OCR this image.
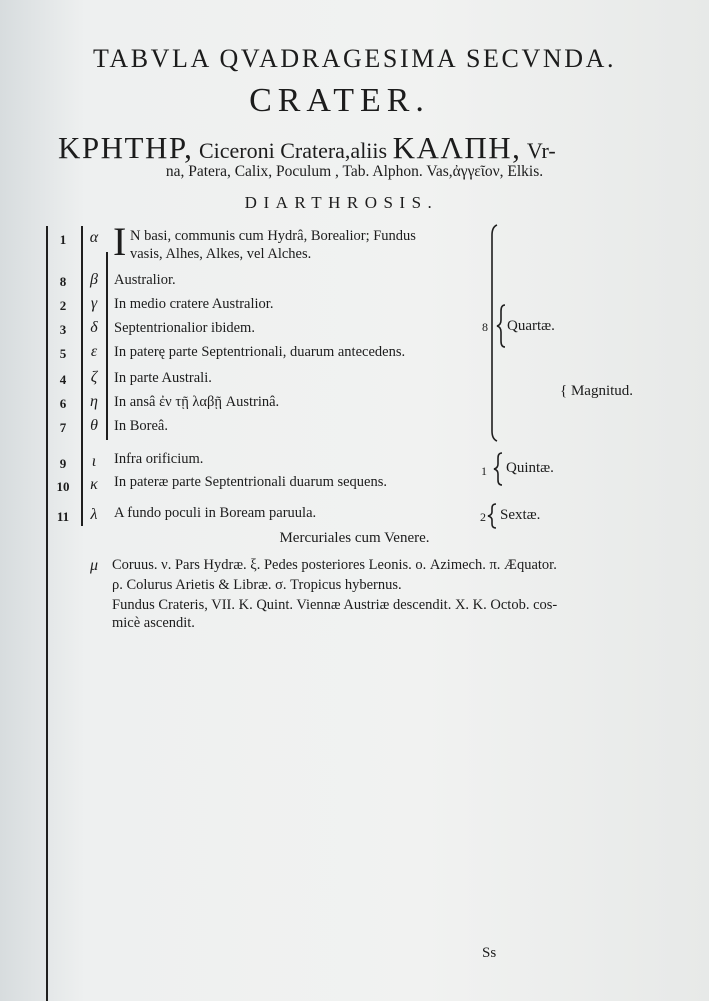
TABVLA QVADRAGESIMA SECVNDA.
CRATER.
ΚΡΗΤΗΡ, Ciceroni Cratera,aliis ΚΑΛΠΗ, Vr-
na, Patera, Calix, Poculum , Tab. Alphon. Vas,ἀγγεῖον, Elkis.
DIARTHROSIS.
1	α I N basi, communis cum Hydrâ, Borealior; Fundus
vasis, Alhes, Alkes, vel Alches.
8	β	Australior.
2	γ	In medio cratere Australior.
3	δ	Septentrionalior ibidem.
5	ε	In paterę parte Septentrionali, duarum antecedens.
4	ζ	In parte Australi.
6	η	In ansâ ἐν τῇ λαβῇ Austrinâ.
7	θ	In Boreâ.
9	ι	Infra orificium.
10	κ	In pateræ parte Septentrionali duarum sequens.
11	λ	A fundo poculi in Boream paruula.
8 Quartæ.
{ Magnitud.
1 Quintæ.
2 Sextæ.
Mercuriales cum Venere.
μ Coruus. ν. Pars Hydræ. ξ. Pedes posteriores Leonis. ο. Azimech. π. Æquator.
ρ. Colurus Arietis & Libræ. σ. Tropicus hybernus.
Fundus Crateris, VII. K. Quint. Viennæ Austriæ descendit. X. K. Octob. cos-
micè ascendit.
Ss
